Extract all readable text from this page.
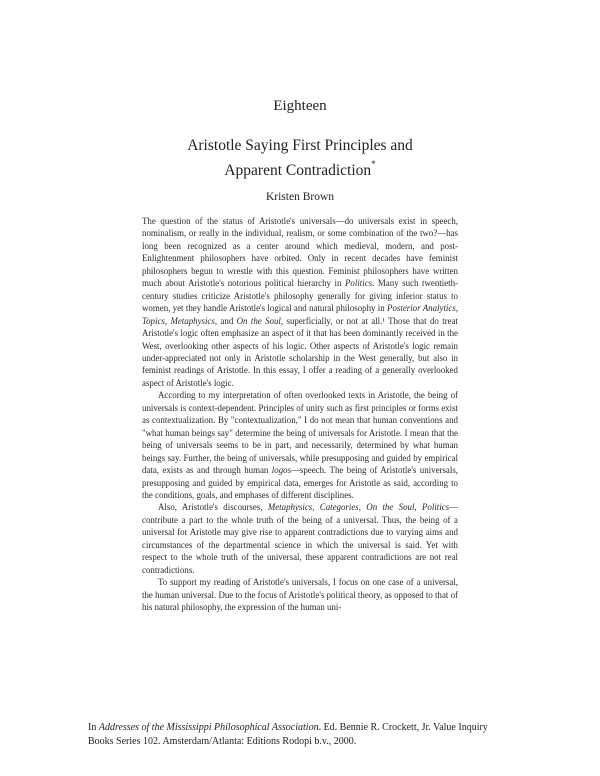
Eighteen
Aristotle Saying First Principles and
Apparent Contradiction*
Kristen Brown

The question of the status of Aristotle's universals—do universals exist in speech, nominalism, or really in the individual, realism, or some combination of the two?—has long been recognized as a center around which medieval, modern, and post-Enlightenment philosophers have orbited. Only in recent decades have feminist philosophers begun to wrestle with this question. Feminist philosophers have written much about Aristotle's notorious political hierarchy in Politics. Many such twentieth-century studies criticize Aristotle's philosophy generally for giving inferior status to women, yet they handle Aristotle's logical and natural philosophy in Posterior Analytics, Topics, Metaphysics, and On the Soul, superficially, or not at all.¹ Those that do treat Aristotle's logic often emphasize an aspect of it that has been dominantly received in the West, overlooking other aspects of his logic. Other aspects of Aristotle's logic remain under-appreciated not only in Aristotle scholarship in the West generally, but also in feminist readings of Aristotle. In this essay, I offer a reading of a generally overlooked aspect of Aristotle's logic.

According to my interpretation of often overlooked texts in Aristotle, the being of universals is context-dependent. Principles of unity such as first principles or forms exist as contextualization. By "contextualization," I do not mean that human conventions and "what human beings say" determine the being of universals for Aristotle. I mean that the being of universals seems to be in part, and necessarily, determined by what human beings say. Further, the being of universals, while presupposing and guided by empirical data, exists as and through human logos—speech. The being of Aristotle's universals, presupposing and guided by empirical data, emerges for Aristotle as said, according to the conditions, goals, and emphases of different disciplines.

Also, Aristotle's discourses, Metaphysics, Categories, On the Soul, Politics—contribute a part to the whole truth of the being of a universal. Thus, the being of a universal for Aristotle may give rise to apparent contradictions due to varying aims and circumstances of the departmental science in which the universal is said. Yet with respect to the whole truth of the universal, these apparent contradictions are not real contradictions.

To support my reading of Aristotle's universals, I focus on one case of a universal, the human universal. Due to the focus of Aristotle's political theory, as opposed to that of his natural philosophy, the expression of the human uni-

In Addresses of the Mississippi Philosophical Association. Ed. Bennie R. Crockett, Jr. Value Inquiry
Books Series 102. Amsterdam/Atlanta: Editions Rodopi b.v., 2000.
